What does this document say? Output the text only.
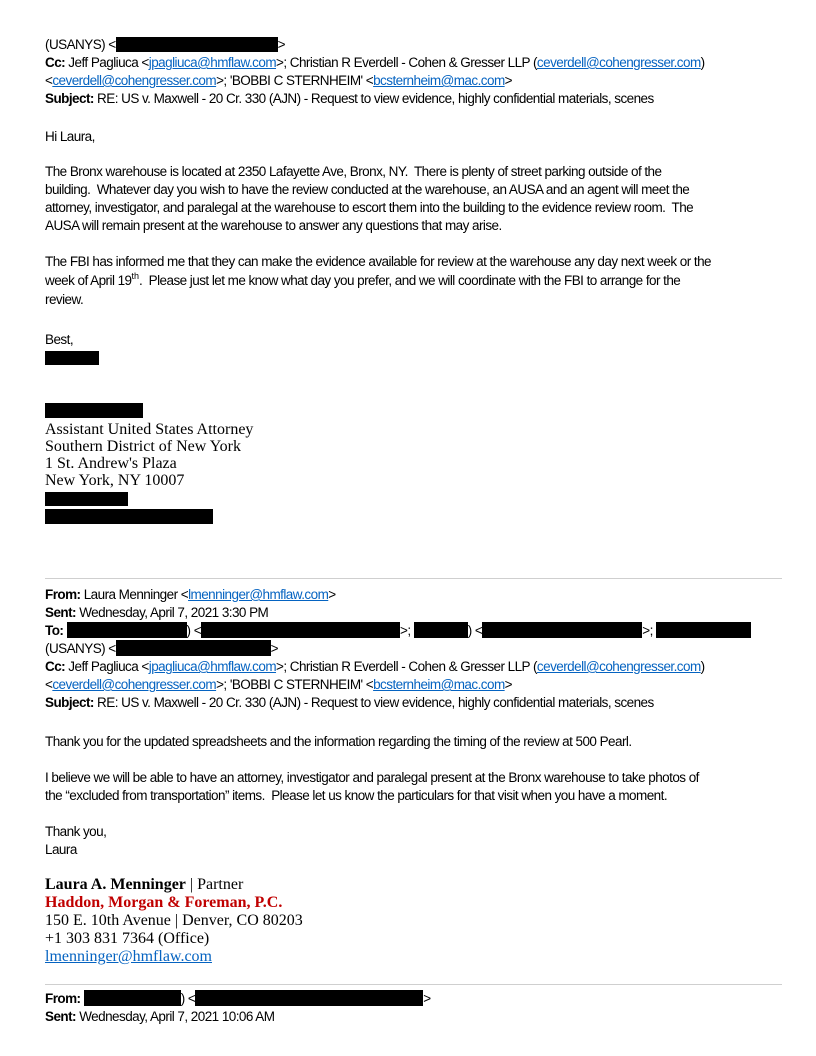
(USANYS) <	>
Cc: Jeff Pagliuca <jpagliuca@hmflaw.com>; Christian R Everdell - Cohen & Gresser LLP (ceverdell@cohengresser.com)
<ceverdell@cohengresser.com>; 'BOBBI C STERNHEIM' <bcsternheim@mac.com>
Subject: RE: US v. Maxwell - 20 Cr. 330 (AJN) - Request to view evidence, highly confidential materials, scenes
Hi Laura,
The Bronx warehouse is located at 2350 Lafayette Ave, Bronx, NY.  There is plenty of street parking outside of the
building.  Whatever day you wish to have the review conducted at the warehouse, an AUSA and an agent will meet the
attorney, investigator, and paralegal at the warehouse to escort them into the building to the evidence review room.  The
AUSA will remain present at the warehouse to answer any questions that may arise.
The FBI has informed me that they can make the evidence available for review at the warehouse any day next week or the
week of April 19th.  Please just let me know what day you prefer, and we will coordinate with the FBI to arrange for the
review.
Best,
Assistant United States Attorney
Southern District of New York
1 St. Andrew's Plaza
New York, NY 10007
From: Laura Menninger <lmenninger@hmflaw.com>
Sent: Wednesday, April 7, 2021 3:30 PM
To:	) <	>;	) <	>;
(USANYS) <	>
Cc: Jeff Pagliuca <jpagliuca@hmflaw.com>; Christian R Everdell - Cohen & Gresser LLP (ceverdell@cohengresser.com)
<ceverdell@cohengresser.com>; 'BOBBI C STERNHEIM' <bcsternheim@mac.com>
Subject: RE: US v. Maxwell - 20 Cr. 330 (AJN) - Request to view evidence, highly confidential materials, scenes
Thank you for the updated spreadsheets and the information regarding the timing of the review at 500 Pearl.
I believe we will be able to have an attorney, investigator and paralegal present at the Bronx warehouse to take photos of
the “excluded from transportation” items.  Please let us know the particulars for that visit when you have a moment.
Thank you,
Laura
Laura A. Menninger | Partner
Haddon, Morgan & Foreman, P.C.
150 E. 10th Avenue | Denver, CO 80203
+1 303 831 7364 (Office)
lmenninger@hmflaw.com
From:	) <	>
Sent: Wednesday, April 7, 2021 10:06 AM
